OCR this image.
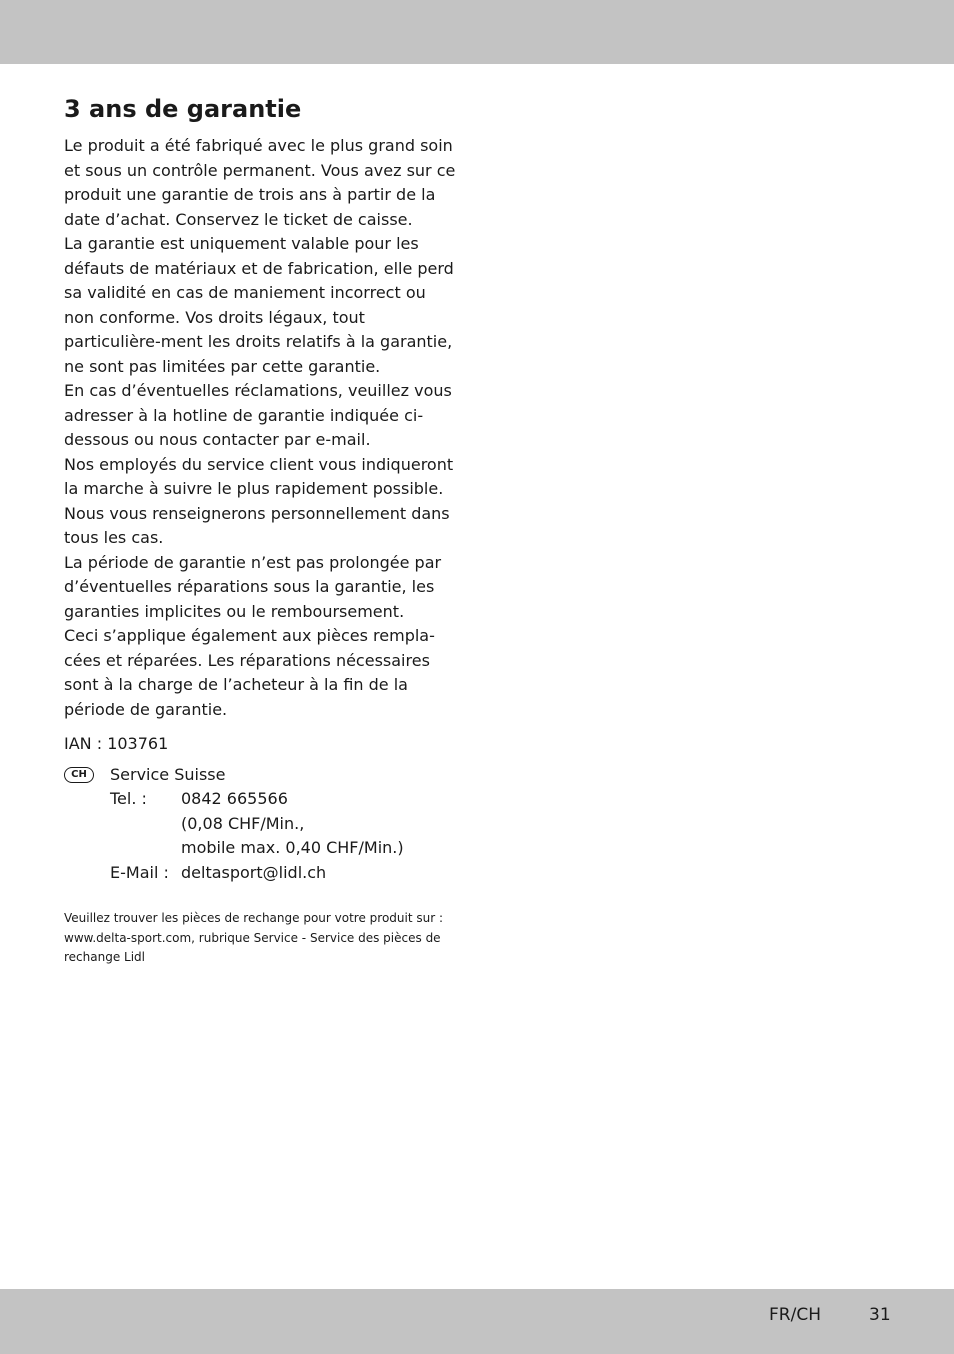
3 ans de garantie

Le produit a été fabriqué avec le plus grand soin et sous un contrôle permanent. Vous avez sur ce produit une garantie de trois ans à partir de la date d’achat. Conservez le ticket de caisse.

La garantie est uniquement valable pour les défauts de matériaux et de fabrication, elle perd sa validité en cas de maniement incorrect ou non conforme. Vos droits légaux, tout particulière-ment les droits relatifs à la garantie, ne sont pas limitées par cette garantie.

En cas d’éventuelles réclamations, veuillez vous adresser à la hotline de garantie indiquée ci-dessous ou nous contacter par e-mail.

Nos employés du service client vous indiqueront la marche à suivre le plus rapidement possible. Nous vous renseignerons personnellement dans tous les cas.

La période de garantie n’est pas prolongée par d’éventuelles réparations sous la garantie, les garanties implicites ou le remboursement.

Ceci s’applique également aux pièces rempla-cées et réparées. Les réparations nécessaires sont à la charge de l’acheteur à la fin de la période de garantie.

IAN : 103761

CH	Service Suisse
Tel. :	0842 665566
(0,08 CHF/Min.,
mobile max. 0,40 CHF/Min.)
E-Mail : deltasport@lidl.ch

Veuillez trouver les pièces de rechange pour votre produit sur : www.delta-sport.com, rubrique Service - Service des pièces de rechange Lidl

FR/CH	31
